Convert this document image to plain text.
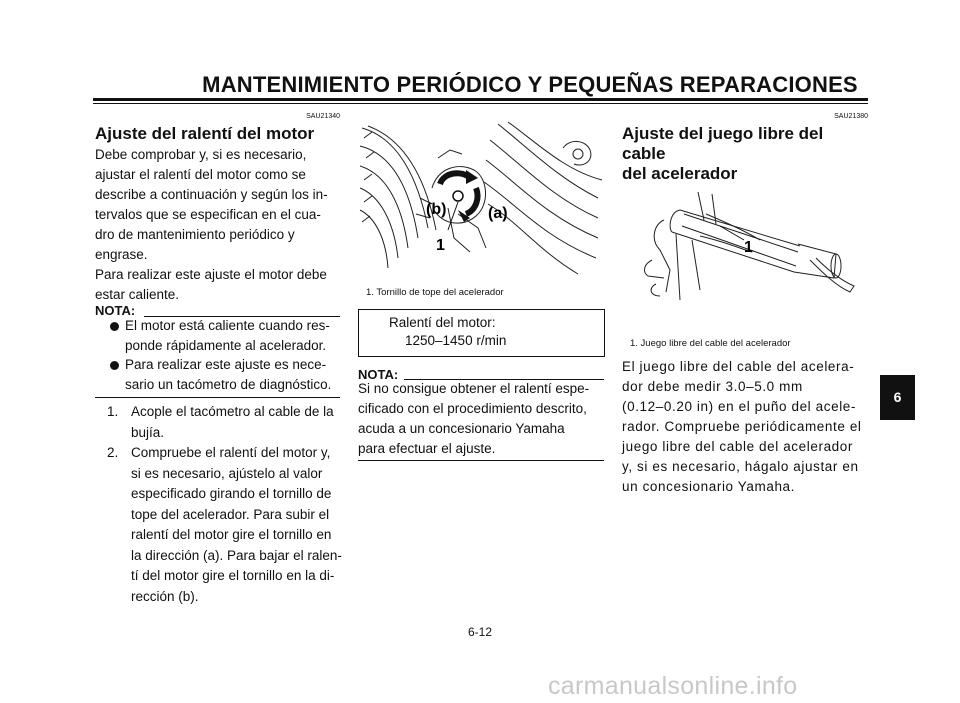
MANTENIMIENTO PERIÓDICO Y PEQUEÑAS REPARACIONES
SAU21340
Ajuste del ralentí del motor
Debe comprobar y, si es necesario,
ajustar el ralentí del motor como se
describe a continuación y según los in-
tervalos que se especifican en el cua-
dro de mantenimiento periódico y
engrase.
Para realizar este ajuste el motor debe
estar caliente.
NOTA:
El motor está caliente cuando res-
ponde rápidamente al acelerador.
Para realizar este ajuste es nece-
sario un tacómetro de diagnóstico.
1. Acople el tacómetro al cable de la
bujía.
2. Compruebe el ralentí del motor y,
si es necesario, ajústelo al valor
especificado girando el tornillo de
tope del acelerador. Para subir el
ralentí del motor gire el tornillo en
la dirección (a). Para bajar el ralen-
tí del motor gire el tornillo en la di-
rección (b).
(b)	(a)
1
1. Tornillo de tope del acelerador
Ralentí del motor:
1250–1450 r/min
NOTA:
Si no consigue obtener el ralentí espe-
cificado con el procedimiento descrito,
acuda a un concesionario Yamaha
para efectuar el ajuste.
SAU21380
Ajuste del juego libre del cable
del acelerador
1
1. Juego libre del cable del acelerador
El juego libre del cable del acelera-
dor debe medir 3.0–5.0 mm
(0.12–0.20 in) en el puño del acele-
rador. Compruebe periódicamente el
juego libre del cable del acelerador
y, si es necesario, hágalo ajustar en
un concesionario Yamaha.
6
6-12
carmanualsonline.info
